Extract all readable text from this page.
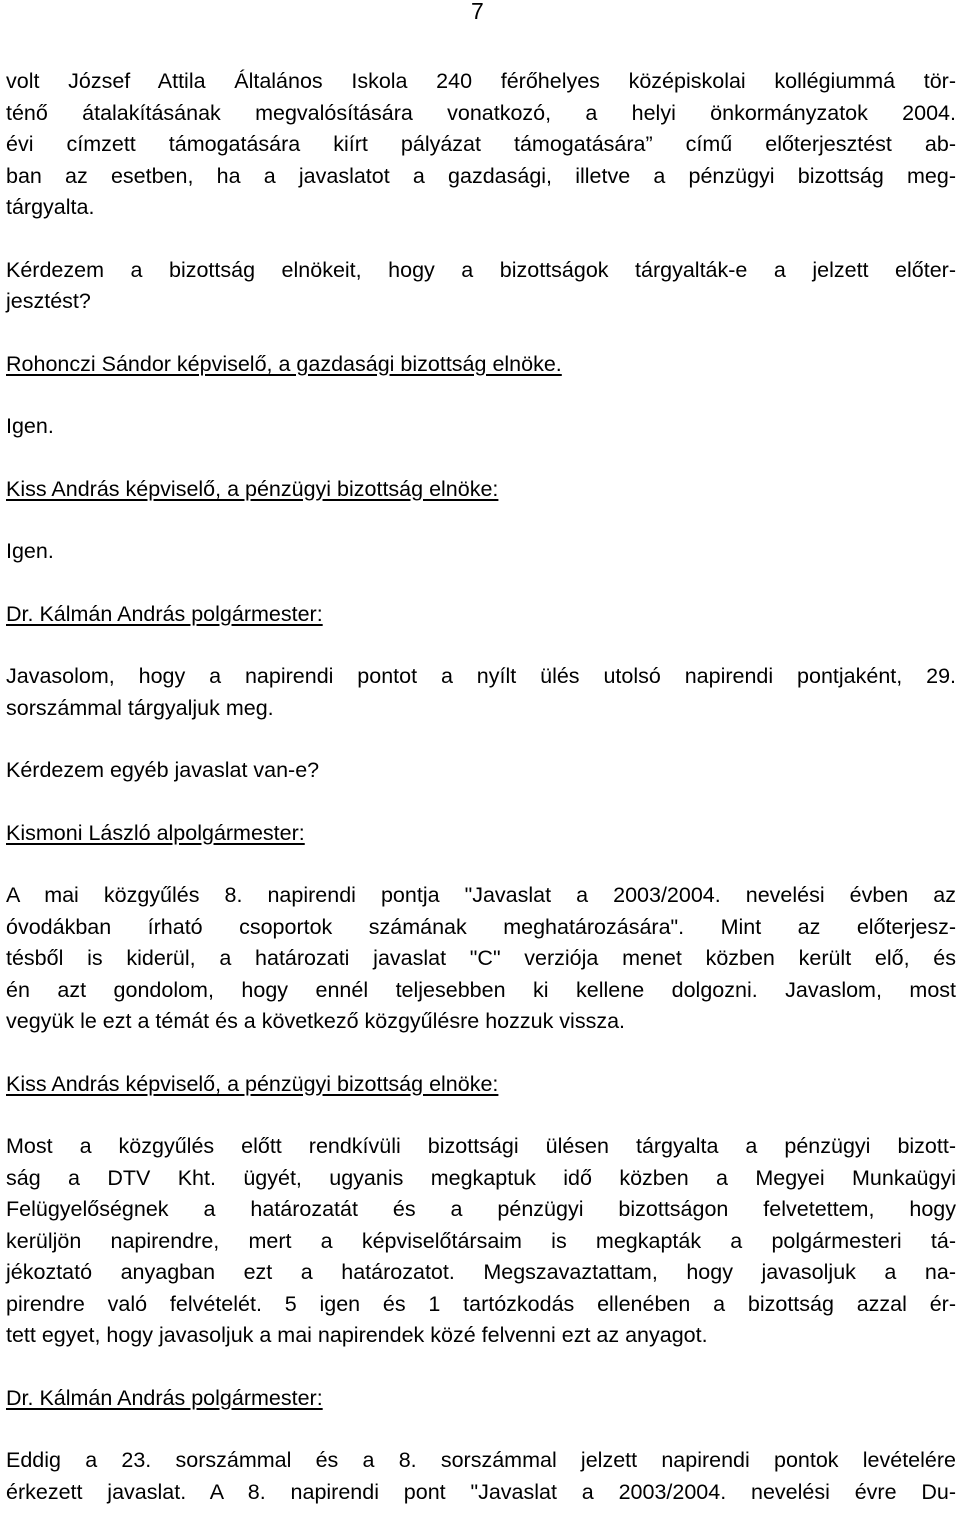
7
volt József Attila Általános Iskola 240 férőhelyes középiskolai kollégiummá tör-
ténő átalakításának megvalósítására vonatkozó, a helyi önkormányzatok 2004.
évi címzett támogatására kiírt pályázat támogatására” című előterjesztést ab-
ban az esetben, ha a javaslatot a gazdasági, illetve a pénzügyi bizottság meg-
tárgyalta.
Kérdezem a bizottság elnökeit, hogy a bizottságok tárgyalták-e a jelzett előter-
jesztést?
Rohonczi Sándor képviselő, a gazdasági bizottság elnöke.
Igen.
Kiss András képviselő, a pénzügyi bizottság elnöke:
Igen.
Dr. Kálmán András polgármester:
Javasolom, hogy a napirendi pontot a nyílt ülés utolsó napirendi pontjaként, 29.
sorszámmal tárgyaljuk meg.
Kérdezem egyéb javaslat van-e?
Kismoni László alpolgármester:
A mai közgyűlés 8. napirendi pontja "Javaslat a 2003/2004. nevelési évben az
óvodákban írható csoportok számának meghatározására". Mint az előterjesz-
tésből is kiderül, a határozati javaslat "C" verziója menet közben került elő, és
én azt gondolom, hogy ennél teljesebben ki kellene dolgozni. Javaslom, most
vegyük le ezt a témát és a következő közgyűlésre hozzuk vissza.
Kiss András képviselő, a pénzügyi bizottság elnöke:
Most a közgyűlés előtt rendkívüli bizottsági ülésen tárgyalta a pénzügyi bizott-
ság a DTV Kht. ügyét, ugyanis megkaptuk idő közben a Megyei Munkaügyi
Felügyelőségnek a határozatát és a pénzügyi bizottságon felvetettem, hogy
kerüljön napirendre, mert a képviselőtársaim is megkapták a polgármesteri tá-
jékoztató anyagban ezt a határozatot. Megszavaztattam, hogy javasoljuk a na-
pirendre való felvételét. 5 igen és 1 tartózkodás ellenében a bizottság azzal ér-
tett egyet, hogy javasoljuk a mai napirendek közé felvenni ezt az anyagot.
Dr. Kálmán András polgármester:
Eddig a 23. sorszámmal és a 8. sorszámmal jelzett napirendi pontok levételére
érkezett javaslat. A 8. napirendi pont "Javaslat a 2003/2004. nevelési évre Du-
